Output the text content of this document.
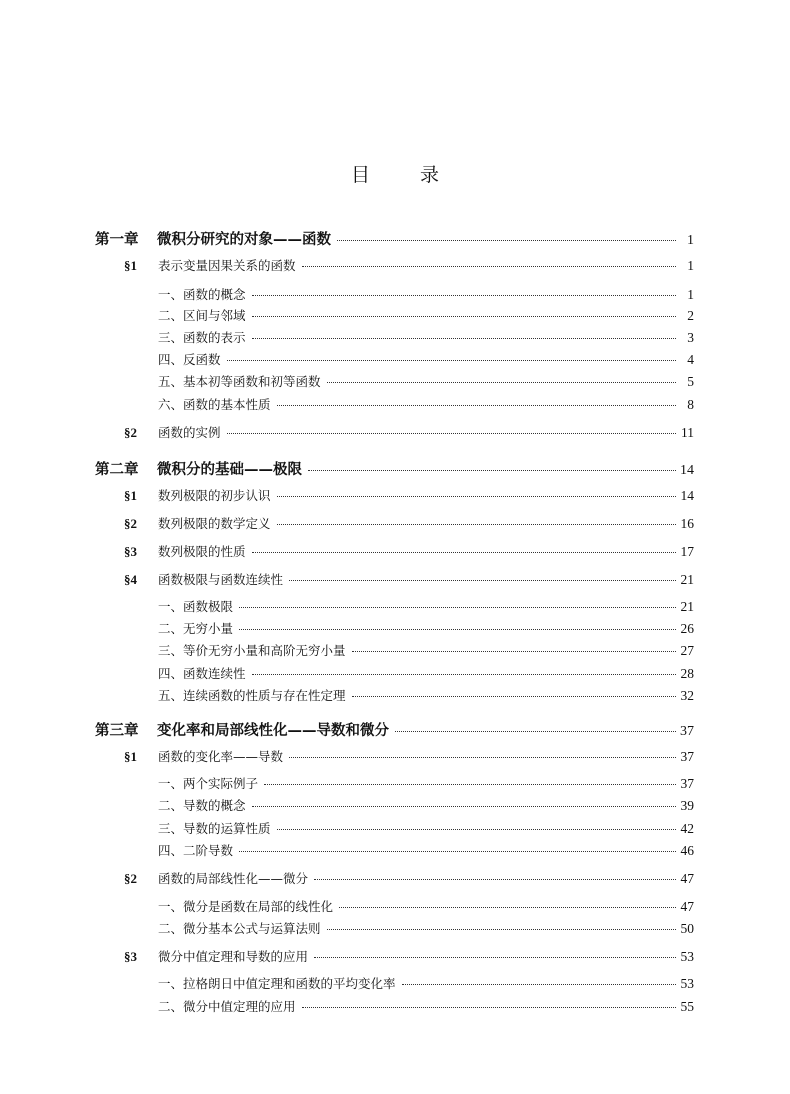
目 录
第一章	微积分研究的对象——函数	1
§1	表示变量因果关系的函数	1
一、函数的概念	1
二、区间与邻域	2
三、函数的表示	3
四、反函数	4
五、基本初等函数和初等函数	5
六、函数的基本性质	8
§2	函数的实例	11
第二章	微积分的基础——极限	14
§1	数列极限的初步认识	14
§2	数列极限的数学定义	16
§3	数列极限的性质	17
§4	函数极限与函数连续性	21
一、函数极限	21
二、无穷小量	26
三、等价无穷小量和高阶无穷小量	27
四、函数连续性	28
五、连续函数的性质与存在性定理	32
第三章	变化率和局部线性化——导数和微分	37
§1	函数的变化率——导数	37
一、两个实际例子	37
二、导数的概念	39
三、导数的运算性质	42
四、二阶导数	46
§2	函数的局部线性化——微分	47
一、微分是函数在局部的线性化	47
二、微分基本公式与运算法则	50
§3	微分中值定理和导数的应用	53
一、拉格朗日中值定理和函数的平均变化率	53
二、微分中值定理的应用	55
